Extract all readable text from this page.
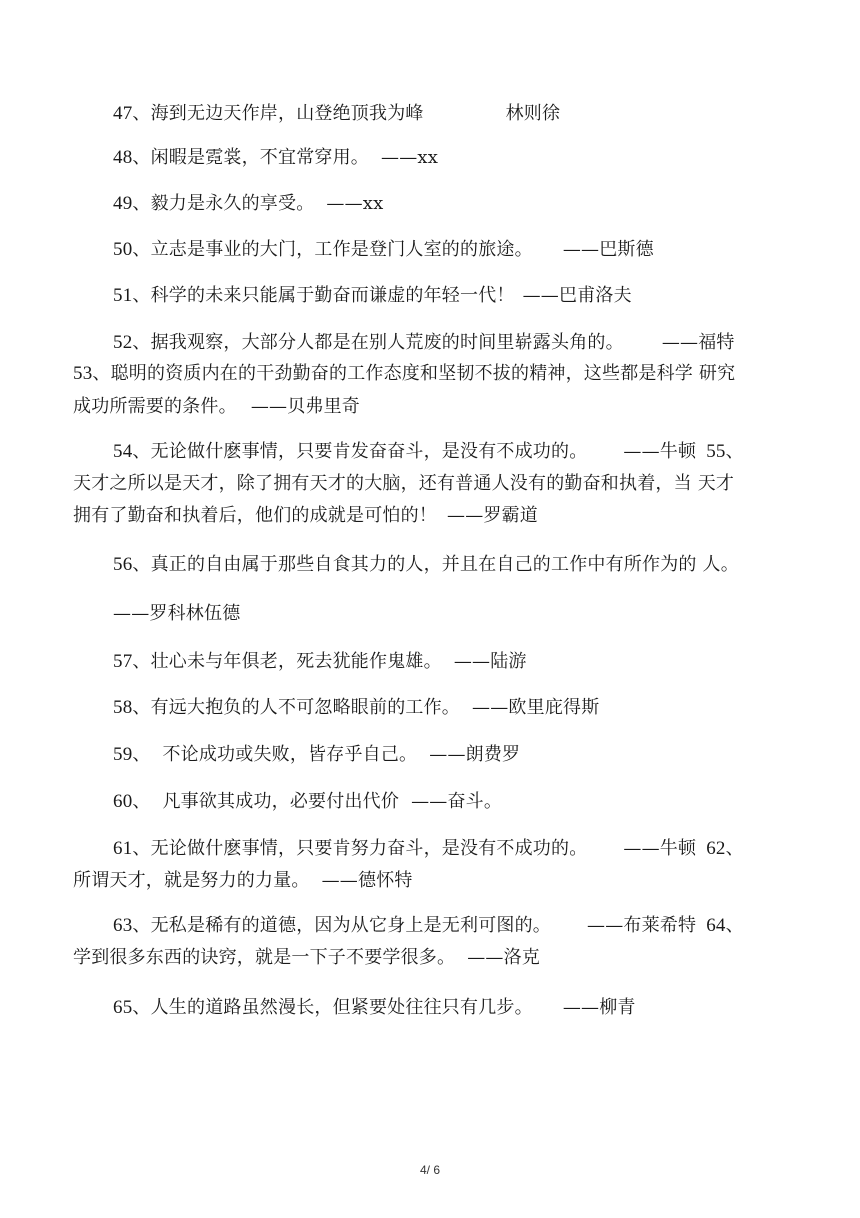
47、海到无边天作岸，山登绝顶我为峰	林则徐
48、闲暇是霓裳，不宜常穿用。 ——xx
49、毅力是永久的享受。 ——xx
50、立志是事业的大门，工作是登门人室的的旅途。 ——巴斯德
51、科学的未来只能属于勤奋而谦虚的年轻一代！ ——巴甫洛夫
52、据我观察，大部分人都是在别人荒废的时间里崭露头角的。 ——福特
53、聪明的资质内在的干劲勤奋的工作态度和坚韧不拔的精神，这些都是科学 研究
成功所需要的条件。 ——贝弗里奇
54、无论做什麽事情，只要肯发奋奋斗，是没有不成功的。 ——牛顿 55、
天才之所以是天才，除了拥有天才的大脑，还有普通人没有的勤奋和执着，当 天才
拥有了勤奋和执着后，他们的成就是可怕的！ ——罗霸道
56、真正的自由属于那些自食其力的人，并且在自己的工作中有所作为的 人。
——罗科林伍德
57、壮心未与年俱老，死去犹能作鬼雄。 ——陆游
58、有远大抱负的人不可忽略眼前的工作。 ——欧里庇得斯
59、  不论成功或失败，皆存乎自己。 ——朗费罗
60、  凡事欲其成功，必要付出代价 ——奋斗。
61、无论做什麽事情，只要肯努力奋斗，是没有不成功的。 ——牛顿 62、
所谓天才，就是努力的力量。 ——德怀特
63、无私是稀有的道德，因为从它身上是无利可图的。 ——布莱希特 64、
学到很多东西的诀窍，就是一下子不要学很多。 ——洛克
65、人生的道路虽然漫长，但紧要处往往只有几步。 ——柳青
4/ 6
